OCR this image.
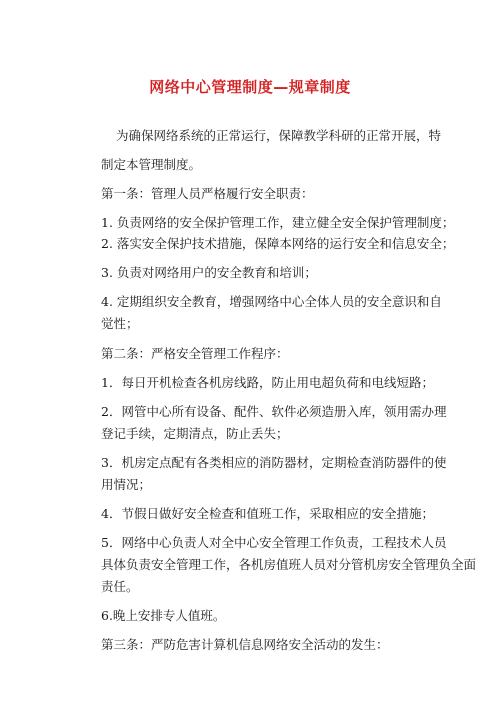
网络中心管理制度—规章制度
为确保网络系统的正常运行，保障教学科研的正常开展，特
制定本管理制度。
第一条：管理人员严格履行安全职责：
1. 负责网络的安全保护管理工作，建立健全安全保护管理制度；
2. 落实安全保护技术措施，保障本网络的运行安全和信息安全；
3. 负责对网络用户的安全教育和培训；
4. 定期组织安全教育，增强网络中心全体人员的安全意识和自
觉性；
第二条：严格安全管理工作程序：
1．每日开机检查各机房线路，防止用电超负荷和电线短路；
2．网管中心所有设备、配件、软件必须造册入库，领用需办理
登记手续，定期清点，防止丢失；
3．机房定点配有各类相应的消防器材，定期检查消防器件的使
用情况；
4．节假日做好安全检查和值班工作，采取相应的安全措施；
5．网络中心负责人对全中心安全管理工作负责，工程技术人员
具体负责安全管理工作，各机房值班人员对分管机房安全管理负全面
责任。
6.晚上安排专人值班。
第三条：严防危害计算机信息网络安全活动的发生：
